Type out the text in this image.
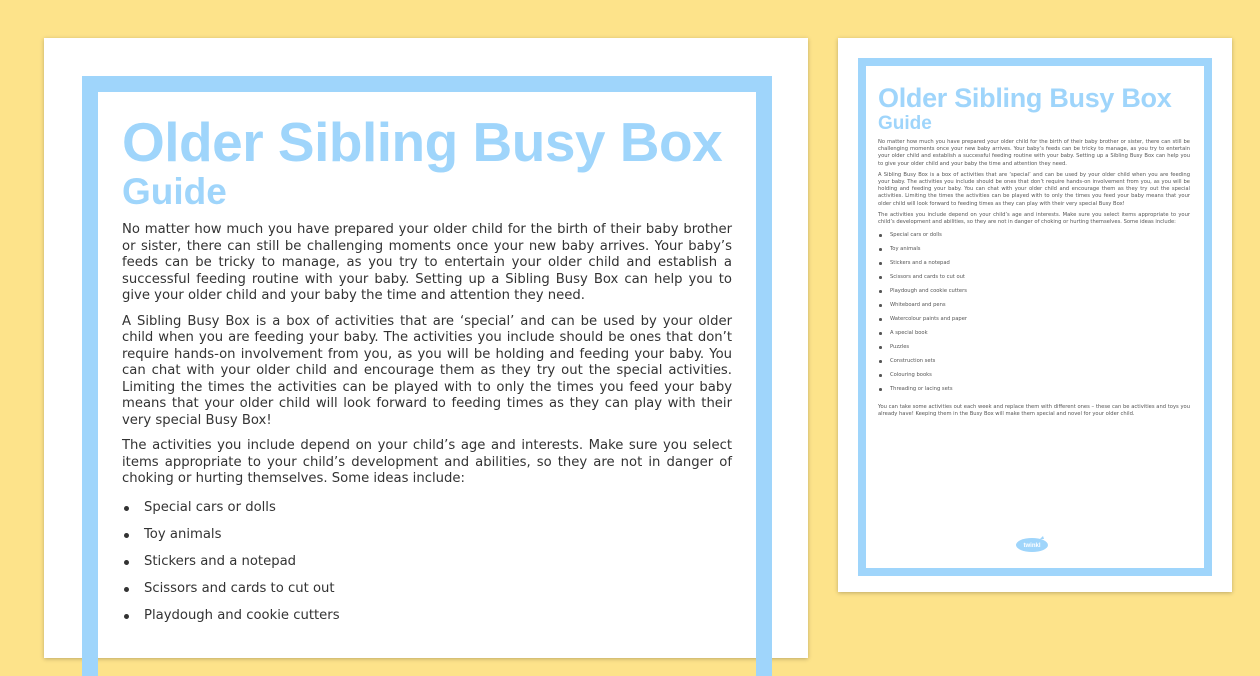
Older Sibling Busy Box
Guide

No matter how much you have prepared your older child for the birth of their baby brother or sister, there can still be challenging moments once your new baby arrives. Your baby’s feeds can be tricky to manage, as you try to entertain your older child and establish a successful feeding routine with your baby. Setting up a Sibling Busy Box can help you to give your older child and your baby the time and attention they need.

A Sibling Busy Box is a box of activities that are ‘special’ and can be used by your older child when you are feeding your baby. The activities you include should be ones that don’t require hands-on involvement from you, as you will be holding and feeding your baby. You can chat with your older child and encourage them as they try out the special activities. Limiting the times the activities can be played with to only the times you feed your baby means that your older child will look forward to feeding times as they can play with their very special Busy Box!

The activities you include depend on your child’s age and interests. Make sure you select items appropriate to your child’s development and abilities, so they are not in danger of choking or hurting themselves. Some ideas include:

Special cars or dolls
Toy animals
Stickers and a notepad
Scissors and cards to cut out
Playdough and cookie cutters
Older Sibling Busy Box
Guide

No matter how much you have prepared your older child for the birth of their baby brother or sister, there can still be challenging moments once your new baby arrives. Your baby’s feeds can be tricky to manage, as you try to entertain your older child and establish a successful feeding routine with your baby. Setting up a Sibling Busy Box can help you to give your older child and your baby the time and attention they need.

A Sibling Busy Box is a box of activities that are ‘special’ and can be used by your older child when you are feeding your baby. The activities you include should be ones that don’t require hands-on involvement from you, as you will be holding and feeding your baby. You can chat with your older child and encourage them as they try out the special activities. Limiting the times the activities can be played with to only the times you feed your baby means that your older child will look forward to feeding times as they can play with their very special Busy Box!

The activities you include depend on your child’s age and interests. Make sure you select items appropriate to your child’s development and abilities, so they are not in danger of choking or hurting themselves. Some ideas include:

Special cars or dolls
Toy animals
Stickers and a notepad
Scissors and cards to cut out
Playdough and cookie cutters
Whiteboard and pens
Watercolour paints and paper
A special book
Puzzles
Construction sets
Colouring books
Threading or lacing sets

You can take some activities out each week and replace them with different ones – these can be activities and toys you already have! Keeping them in the Busy Box will make them special and novel for your older child.

twinkl
